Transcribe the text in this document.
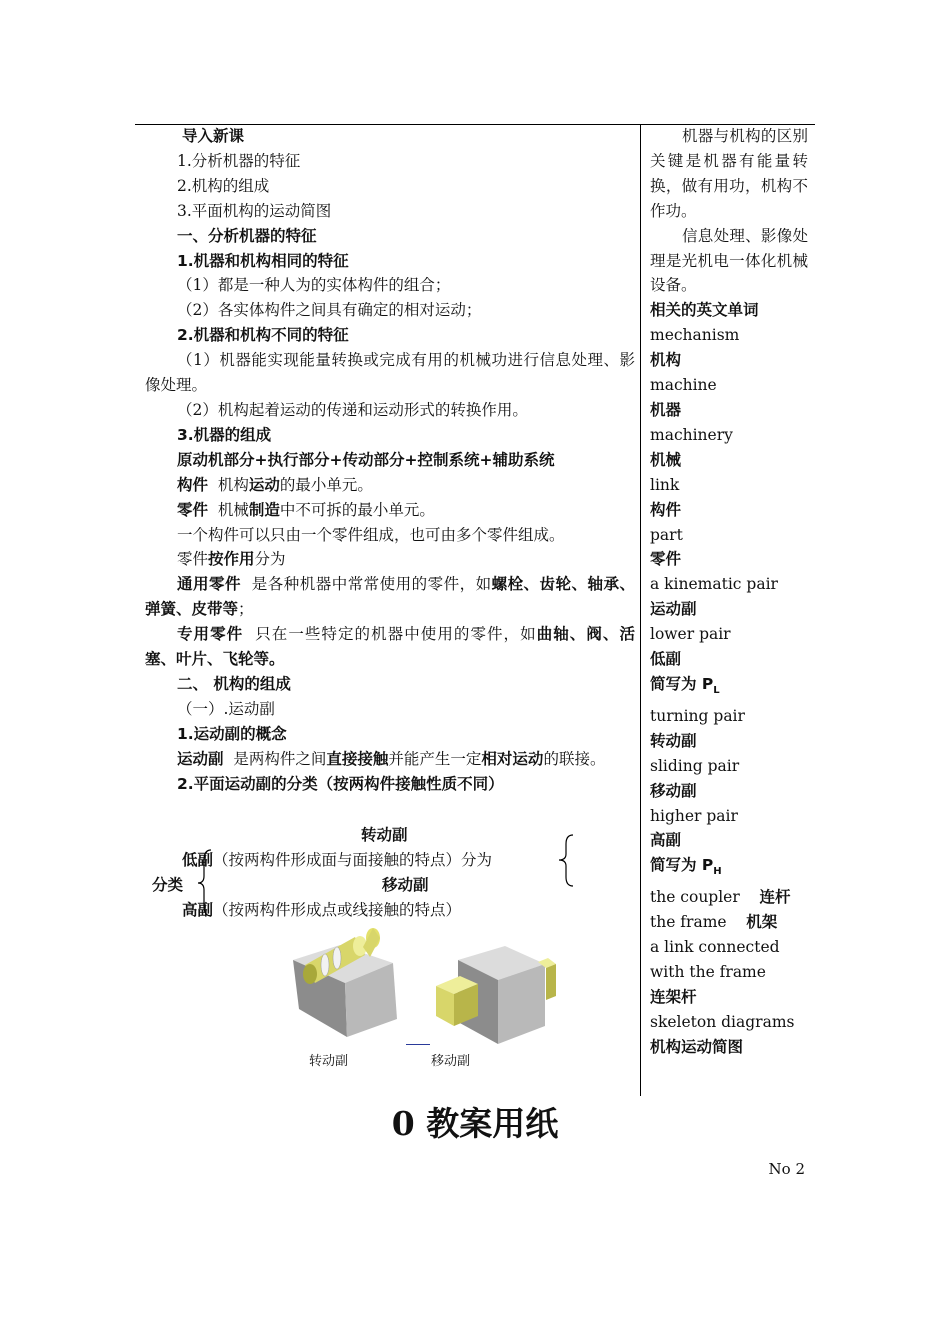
导入新课
1.分析机器的特征
2.机构的组成
3.平面机构的运动简图
一、分析机器的特征
1.机器和机构相同的特征
（1）都是一种人为的实体构件的组合；
（2）各实体构件之间具有确定的相对运动；
2.机器和机构不同的特征
（1）机器能实现能量转换或完成有用的机械功进行信息处理、影像处理。
（2）机构起着运动的传递和运动形式的转换作用。
3.机器的组成
原动机部分+执行部分+传动部分+控制系统+辅助系统
构件 机构运动的最小单元。
零件 机械制造中不可拆的最小单元。
一个构件可以只由一个零件组成，也可由多个零件组成。
零件按作用分为
通用零件 是各种机器中常常使用的零件，如螺栓、齿轮、轴承、弹簧、皮带等；
专用零件 只在一些特定的机器中使用的零件，如曲轴、阀、活塞、叶片、飞轮等。
二、 机构的组成
（一）.运动副
1.运动副的概念
运动副 是两构件之间直接接触并能产生一定相对运动的联接。
2.平面运动副的分类（按两构件接触性质不同）
转动副
低副（按两构件形成面与面接触的特点）分为
分类	移动副
高副（按两构件形成点或线接触的特点）
转动副	移动副
机器与机构的区别关键是机器有能量转换，做有用功，机构不作功。
信息处理、影像处理是光机电一体化机械设备。
相关的英文单词
mechanism
机构
machine
机器
machinery
机械
link
构件
part
零件
a kinematic pair
运动副
lower pair
低副
简写为 $P_L$
turning pair
转动副
sliding pair
移动副
higher pair
高副
简写为 $P_H$
the coupler 连杆
the frame 机架
a link connected
with the frame
连架杆
skeleton diagrams
机构运动简图
0 教案用纸
No 2
